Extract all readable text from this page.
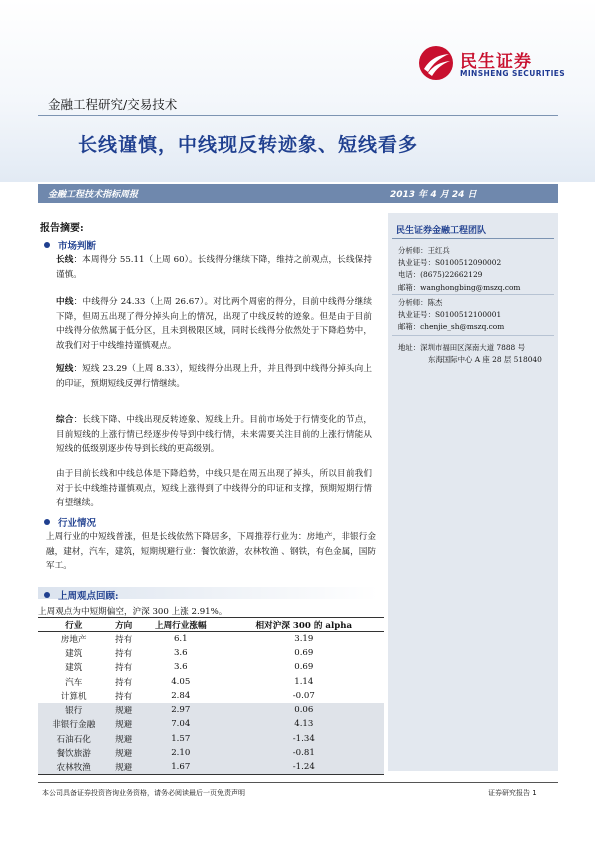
民生证券
MINSHENG SECURITIES
金融工程研究/交易技术
长线谨慎，中线现反转迹象、短线看多
金融工程技术指标周报	2013 年 4 月 24 日
报告摘要:
市场判断
长线：本周得分 55.11（上周 60）。长线得分继续下降，维持之前观点，长线保持谨慎。
中线：中线得分 24.33（上周 26.67）。对比两个周密的得分，目前中线得分继续下降，但周五出现了得分掉头向上的情况，出现了中线反转的迹象。但是由于目前中线得分依然属于低分区，且未到极限区域，同时长线得分依然处于下降趋势中，故我们对于中线维持谨慎观点。
短线：短线 23.29（上周 8.33），短线得分出现上升，并且得到中线得分掉头向上的印证，预期短线反弹行情继续。
综合：长线下降、中线出现反转迹象、短线上升。目前市场处于行情变化的节点，目前短线的上涨行情已经逐步传导到中线行情，未来需要关注目前的上涨行情能从短线的低级别逐步传导到长线的更高级别。
由于目前长线和中线总体是下降趋势，中线只是在周五出现了掉头，所以目前我们对于长中线维持谨慎观点，短线上涨得到了中线得分的印证和支撑，预期短期行情有望继续。
行业情况
上周行业的中短线普涨，但是长线依然下降居多，下周推荐行业为：房地产，非银行金融，建材，汽车，建筑，短期规避行业：餐饮旅游，农林牧渔 、钢铁，有色金属，国防军工。
上周观点回顾:
上周观点为中短期偏空，沪深 300 上涨 2.91%。
行业	方向	上周行业涨幅	相对沪深 300 的 alpha
房地产	持有	6.1	3.19
建筑	持有	3.6	0.69
建筑	持有	3.6	0.69
汽车	持有	4.05	1.14
计算机	持有	2.84	-0.07
银行	规避	2.97	0.06
非银行金融	规避	7.04	4.13
石油石化	规避	1.57	-1.34
餐饮旅游	规避	2.10	-0.81
农林牧渔	规避	1.67	-1.24
民生证券金融工程团队
分析师：王红兵
执业证号：S0100512090002
电话：(8675)22662129
邮箱：wanghongbing@mszq.com
分析师：陈杰
执业证号：S0100512100001
邮箱：chenjie_sh@mszq.com
地址：深圳市福田区深南大道 7888 号
东海国际中心 A 座 28 层 518040
本公司具备证券投资咨询业务资格，请务必阅读最后一页免责声明	证券研究报告 1
